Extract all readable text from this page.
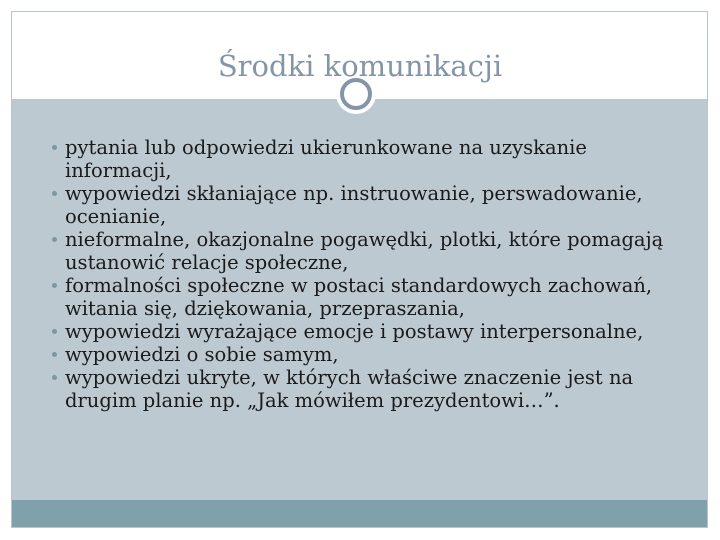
Środki komunikacji
pytania lub odpowiedzi ukierunkowane na uzyskanie informacji,
wypowiedzi skłaniające np. instruowanie, perswadowanie, ocenianie,
nieformalne, okazjonalne pogawędki, plotki, które pomagają ustanowić relacje społeczne,
formalności społeczne w postaci standardowych zachowań, witania się, dziękowania, przepraszania,
wypowiedzi wyrażające emocje i postawy interpersonalne,
wypowiedzi o sobie samym,
wypowiedzi ukryte, w których właściwe znaczenie jest na drugim planie np. „Jak mówiłem prezydentowi…”.
